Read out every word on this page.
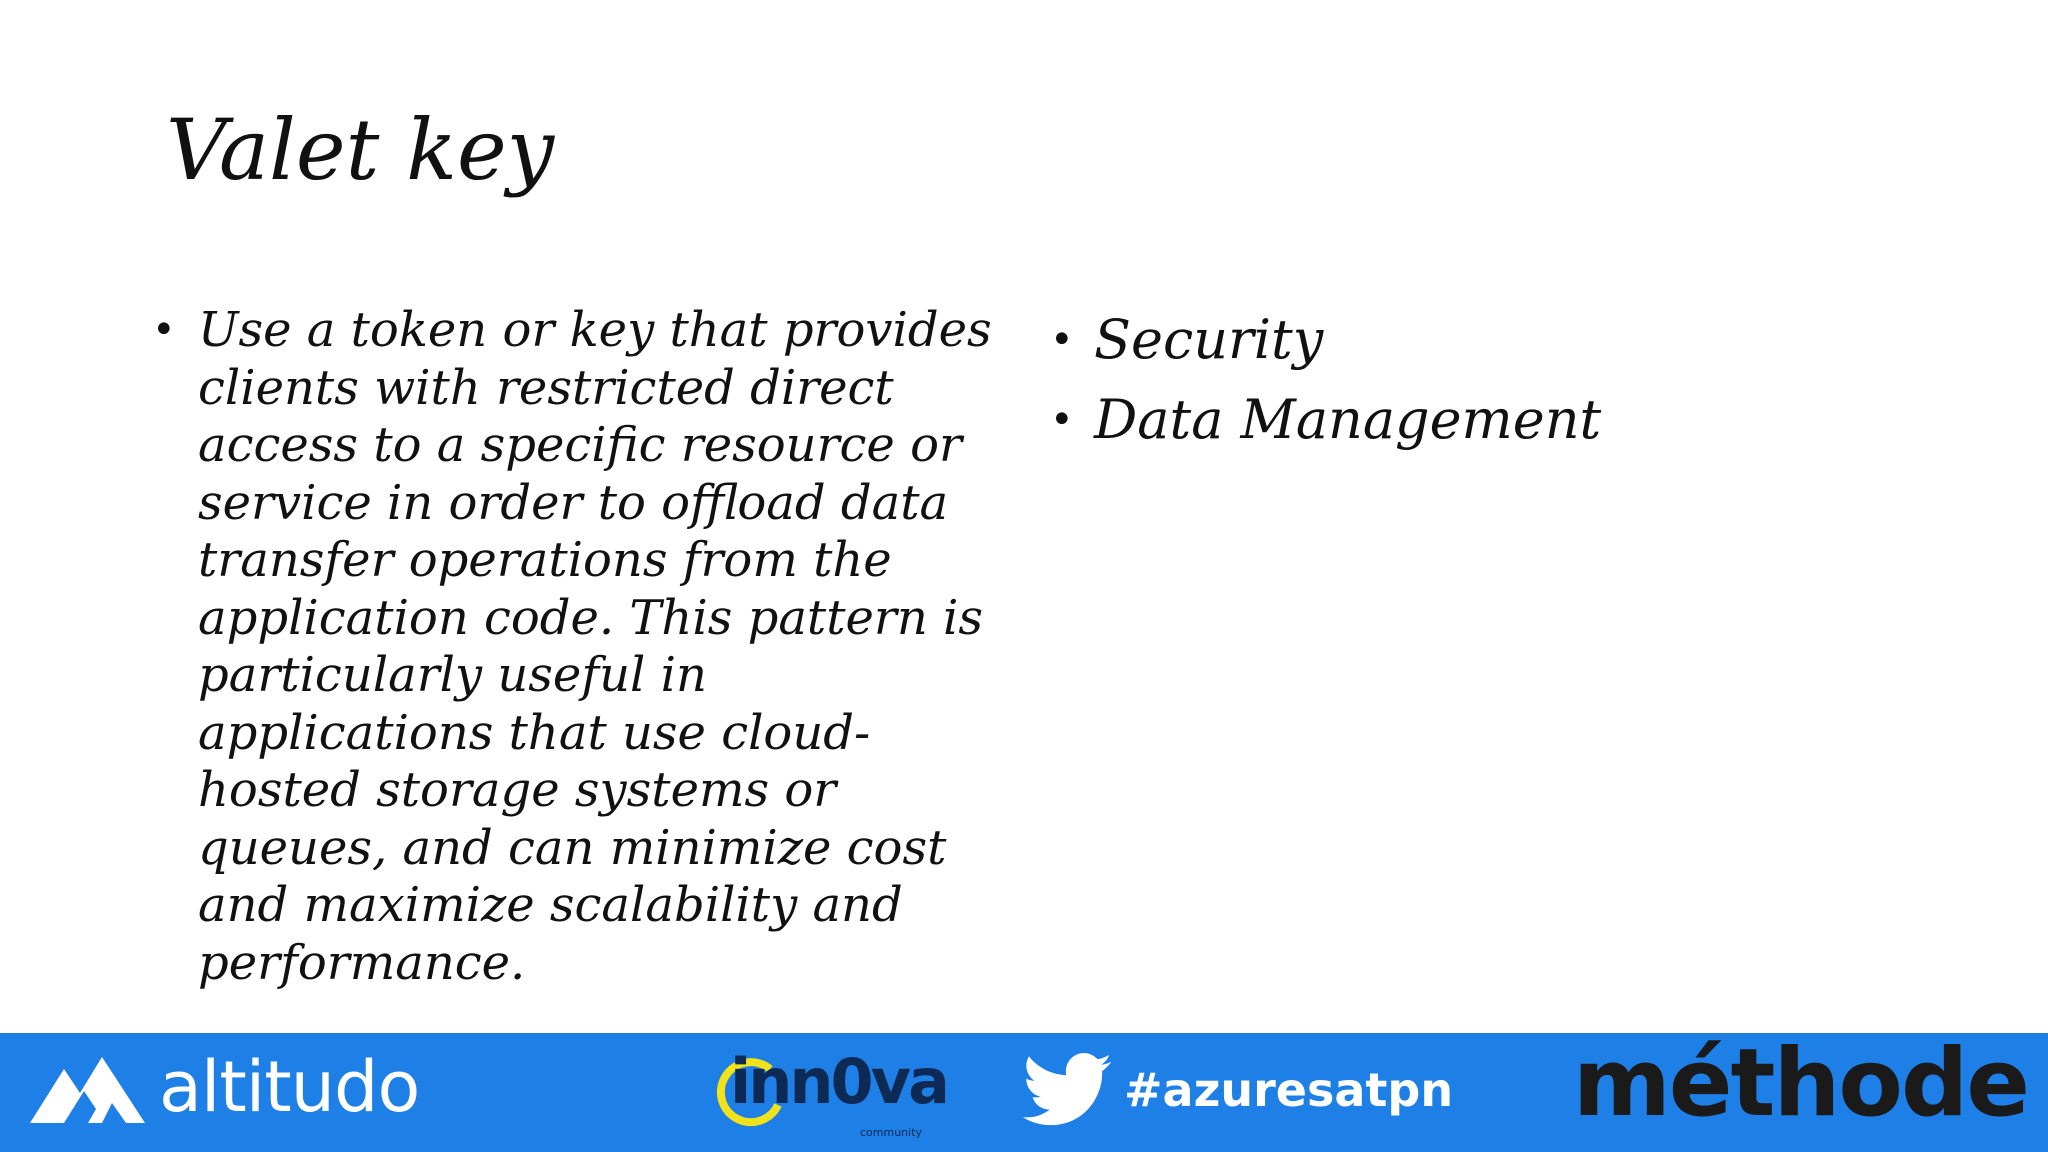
Valet key
• Use a token or key that provides clients with restricted direct access to a specific resource or service in order to offload data transfer operations from the application code. This pattern is particularly useful in applications that use cloud-hosted storage systems or queues, and can minimize cost and maximize scalability and performance.
• Security
• Data Management
altitudo	inn0va
community
#azuresatpn méthode
